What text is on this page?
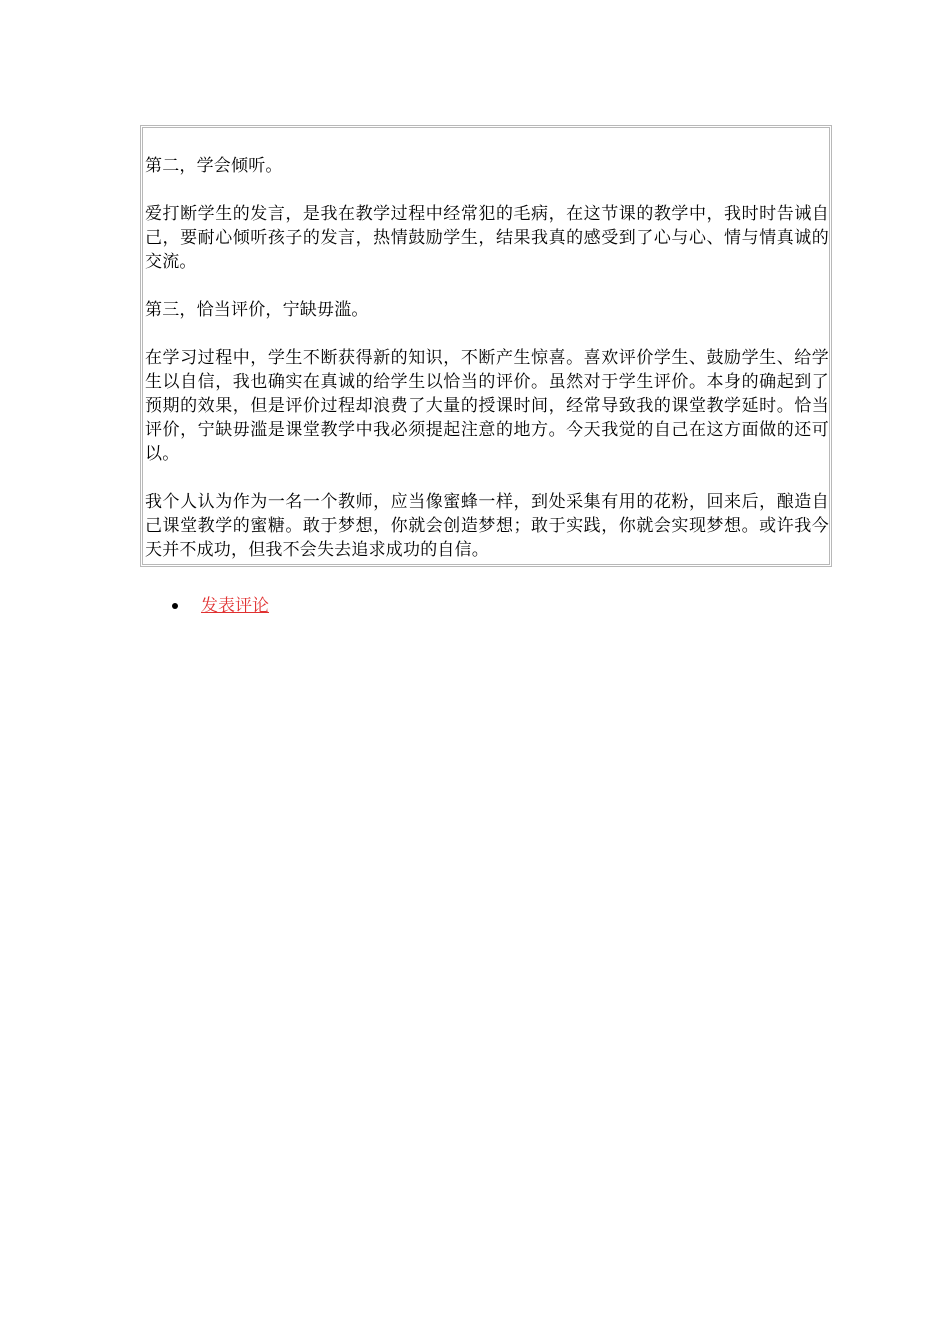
第二，学会倾听。

爱打断学生的发言，是我在教学过程中经常犯的毛病，在这节课的教学中，我时时告诫自己，要耐心倾听孩子的发言，热情鼓励学生，结果我真的感受到了心与心、情与情真诚的交流。

第三，恰当评价，宁缺毋滥。

在学习过程中，学生不断获得新的知识，不断产生惊喜。喜欢评价学生、鼓励学生、给学生以自信，我也确实在真诚的给学生以恰当的评价。虽然对于学生评价。本身的确起到了预期的效果，但是评价过程却浪费了大量的授课时间，经常导致我的课堂教学延时。恰当评价，宁缺毋滥是课堂教学中我必须提起注意的地方。今天我觉的自己在这方面做的还可以。

我个人认为作为一名一个教师，应当像蜜蜂一样，到处采集有用的花粉，回来后，酿造自己课堂教学的蜜糖。敢于梦想，你就会创造梦想；敢于实践，你就会实现梦想。或许我今天并不成功，但我不会失去追求成功的自信。

发表评论
